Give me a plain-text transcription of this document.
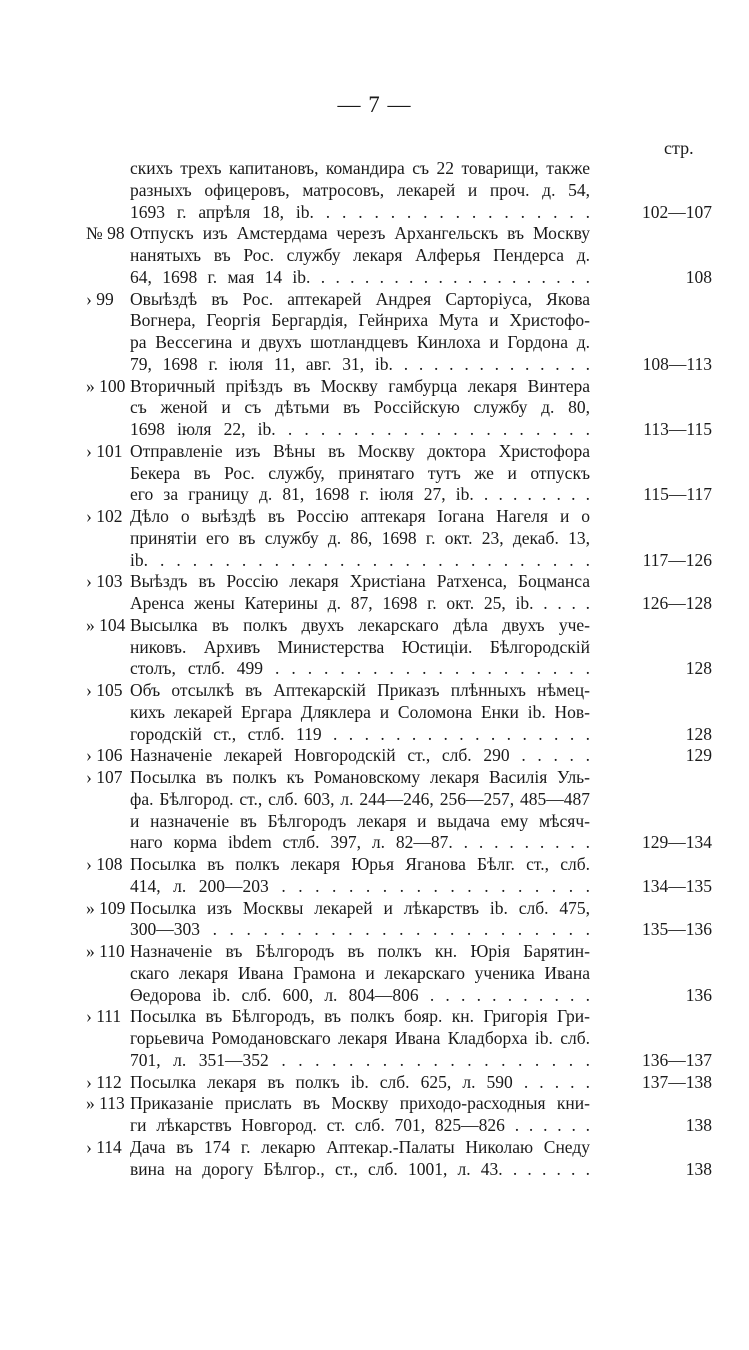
— 7 —
стр.
скихъ трехъ капитановъ, командира съ 22 товарищи, также
разныхъ офицеровъ, матросовъ, лекарей и проч. д. 54,
1693 г. апрѣля 18, ib. . . . . . . . . . . . . . . . . .	102—107
№ 98 Отпускъ изъ Амстердама черезъ Архангельскъ въ Москву
нанятыхъ въ Рос. службу лекаря Алферья Пендерса д.
64, 1698 г. мая 14 ib. . . . . . . . . . . . . . . . . . . .	108
› 99 Овыѣздѣ въ Рос. аптекарей Андрея Сарторіуса, Якова
Вогнера, Георгія Бергардія, Гейнриха Мута и Христофо-
ра Вессегина и двухъ шотландцевъ Кинлоха и Гордона д.
79, 1698 г. іюля 11, авг. 31, ib. . . . . . . . . . . . . .	108—113
» 100 Вторичный пріѣздъ въ Москву гамбурца лекаря Винтера
съ женой и съ дѣтьми въ Россійскую службу д. 80,
1698 іюля 22, ib. . . . . . . . . . . . . . . . . . . .	113—115
› 101 Отправленіе изъ Вѣны въ Москву доктора Христофора
Бекера въ Рос. службу, принятаго тутъ же и отпускъ
его за границу д. 81, 1698 г. іюля 27, ib. . . . . . . . .	115—117
› 102 Дѣло о выѣздѣ въ Россію аптекаря Іогана Нагеля и о
принятіи его въ службу д. 86, 1698 г. окт. 23, декаб. 13,
ib. . . . . . . . . . . . . . . . . . . . . . . . . . . .	117—126
› 103 Выѣздъ въ Россію лекаря Христіана Ратхенса, Боцманса
Аренса жены Катерины д. 87, 1698 г. окт. 25, ib. . . . .	126—128
» 104 Высылка въ полкъ двухъ лекарскаго дѣла двухъ уче-
никовъ. Архивъ Министерства Юстиціи. Бѣлгородскій
столъ, стлб. 499 . . . . . . . . . . . . . . . . . . . .	128
› 105 Объ отсылкѣ въ Аптекарскій Приказъ плѣнныхъ нѣмец-
кихъ лекарей Ергара Дляклера и Соломона Енки ib. Нов-
городскій ст., стлб. 119 . . . . . . . . . . . . . . . . .	128
› 106 Назначеніе лекарей Новгородскій ст., слб. 290 . . . . .	129
› 107 Посылка въ полкъ къ Романовскому лекаря Василія Уль-
фа. Бѣлгород. ст., слб. 603, л. 244—246, 256—257, 485—487
и назначеніе въ Бѣлгородъ лекаря и выдача ему мѣсяч-
наго корма ibdem стлб. 397, л. 82—87. . . . . . . . . .	129—134
› 108 Посылка въ полкъ лекаря Юрья Яганова Бѣлг. ст., слб.
414, л. 200—203 . . . . . . . . . . . . . . . . . . .	134—135
» 109 Посылка изъ Москвы лекарей и лѣкарствъ ib. слб. 475,
300—303 . . . . . . . . . . . . . . . . . . . . . . .	135—136
» 110 Назначеніе въ Бѣлгородъ въ полкъ кн. Юрія Барятин-
скаго лекаря Ивана Грамона и лекарскаго ученика Ивана
Өедорова ib. слб. 600, л. 804—806 . . . . . . . . . . .	136
› 111 Посылка въ Бѣлгородъ, въ полкъ бояр. кн. Григорія Гри-
горьевича Ромодановскаго лекаря Ивана Кладборха ib. слб.
701, л. 351—352 . . . . . . . . . . . . . . . . . . .	136—137
› 112 Посылка лекаря въ полкъ ib. слб. 625, л. 590 . . . . .	137—138
» 113 Приказаніе прислать въ Москву приходо-расходныя кни-
ги лѣкарствъ Новгород. ст. слб. 701, 825—826 . . . . . .	138
› 114 Дача въ 174 г. лекарю Аптекар.-Палаты Николаю Снеду
вина на дорогу Бѣлгор., ст., слб. 1001, л. 43. . . . . . .	138
